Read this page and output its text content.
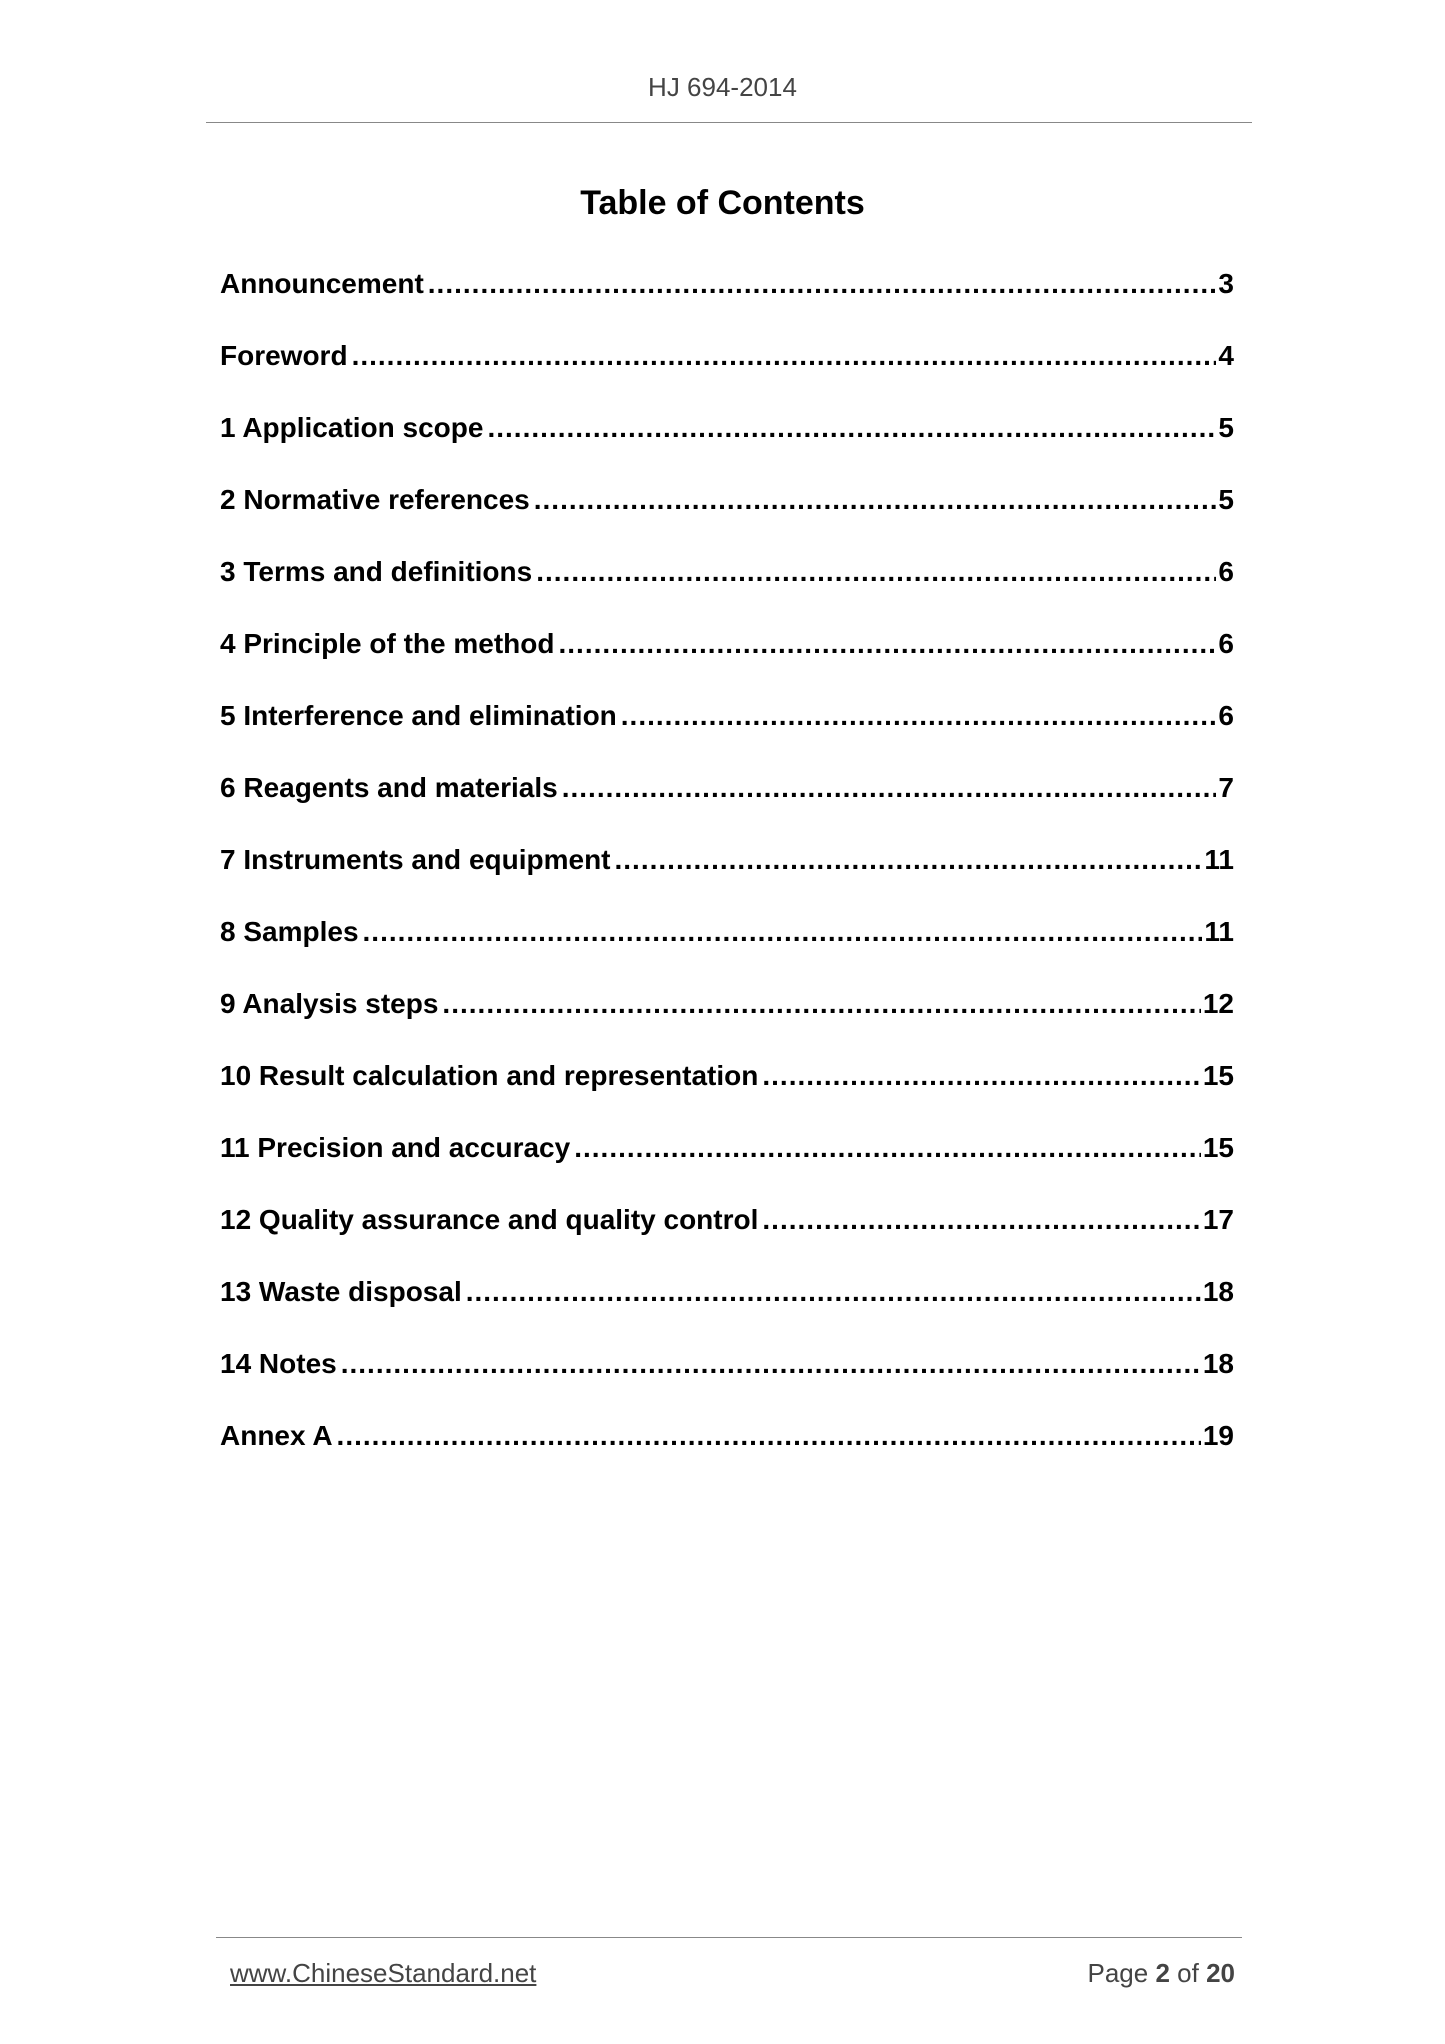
HJ 694-2014
Table of Contents
Announcement .....	3
Foreword .....	4
1 Application scope .....	5
2 Normative references .....	5
3 Terms and definitions .....	6
4 Principle of the method .....	6
5 Interference and elimination .....	6
6 Reagents and materials .....	7
7 Instruments and equipment .....	11
8 Samples .....	11
9 Analysis steps .....	12
10 Result calculation and representation .....	15
11 Precision and accuracy .....	15
12 Quality assurance and quality control .....	17
13 Waste disposal .....	18
14 Notes .....	18
Annex A .....	19
www.ChineseStandard.net	Page 2 of 20
